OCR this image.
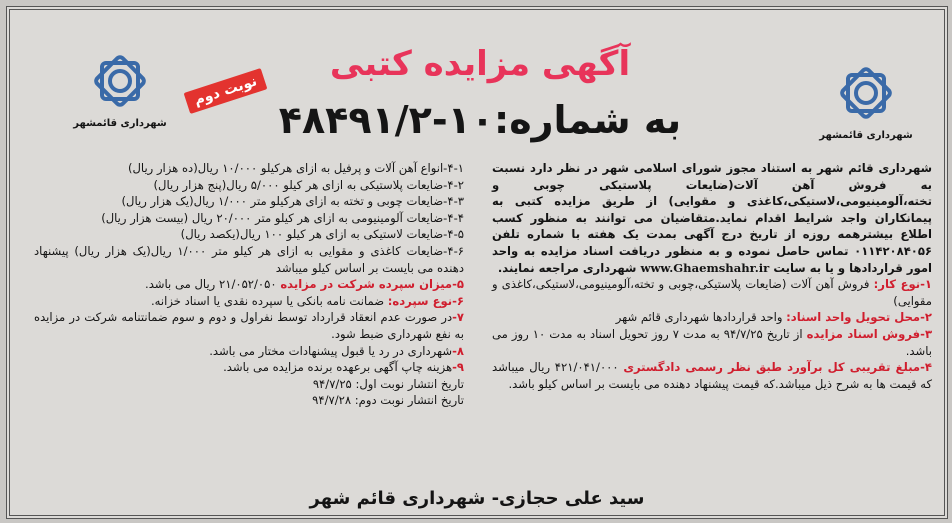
شهرداری قائمشهر
شهرداری قائمشهر
نوبت دوم
آگهی مزایده کتبی
به شماره:۱۰-۴۸۴۹۱/۲

شهرداری قائم شهر به استناد مجوز شورای اسلامی شهر در نظر دارد نسبت به فروش آهن آلات(ضایعات پلاستیکی چوبی و تخته،آلومینیومی،لاستیکی،کاغذی و مقوایی) از طریق مزایده کتبی به پیمانکاران واجد شرایط اقدام نماید.متقاضیان می توانند به منظور کسب اطلاع بیشترهمه روزه از تاریخ درج آگهی بمدت یک هفته با شماره تلفن ۰۱۱۴۲۰۸۴۰۵۶ تماس حاصل نموده و به منظور دریافت اسناد مزایده به واحد امور قراردادها و یا به سایت www.Ghaemshahr.ir شهرداری مراجعه نمایند.

۱-نوع کار: فروش آهن آلات (ضایعات پلاستیکی،چوبی و تخته،آلومینیومی،لاستیکی،کاغذی و مقوایی)

۲-محل تحویل واحد اسناد: واحد قراردادها شهرداری قائم شهر

۳-فروش اسناد مزایده از تاریخ ۹۴/۷/۲۵ به مدت ۷ روز تحویل اسناد به مدت ۱۰ روز می باشد.

۴-مبلغ تقریبی کل برآورد طبق نظر رسمی دادگستری ۴۲۱/۰۴۱/۰۰۰ ریال میباشد که قیمت ها به شرح ذیل میباشد.که قیمت پیشنهاد دهنده می بایست بر اساس کیلو باشد.

۴-۱-انواع آهن آلات و پرفیل به ازای هرکیلو ۱۰/۰۰۰ ریال(ده هزار ریال)

۴-۲-ضایعات پلاستیکی به ازای هر کیلو ۵/۰۰۰ ریال(پنج هزار ریال)

۴-۳-ضایعات چوبی و تخته به ازای هرکیلو متر ۱/۰۰۰ ریال(یک هزار ریال)

۴-۴-ضایعات آلومینیومی به ازای هر کیلو متر ۲۰/۰۰۰ ریال (بیست هزار ریال)

۴-۵-ضایعات لاستیکی به ازای هر کیلو ۱۰۰ ریال(یکصد ریال)

۴-۶-ضایعات کاغذی و مقوایی به ازای هر کیلو متر ۱/۰۰۰ ریال(یک هزار ریال) پیشنهاد دهنده می بایست بر اساس کیلو میباشد

۵-میزان سپرده شرکت در مزایده ۲۱/۰۵۲/۰۵۰ ریال می باشد.

۶-نوع سپرده: ضمانت نامه بانکی یا سپرده نقدی یا اسناد خزانه.

۷-در صورت عدم انعقاد قرارداد توسط نفراول و دوم و سوم ضمانتنامه شرکت در مزایده به نفع شهرداری ضبط شود.

۸-شهرداری در رد یا قبول پیشنهادات مختار می باشد.

۹-هزینه چاپ آگهی برعهده برنده مزایده می باشد.

تاریخ انتشار نوبت اول: ۹۴/۷/۲۵

تاریخ انتشار نوبت دوم: ۹۴/۷/۲۸

سید علی حجازی- شهرداری قائم شهر
